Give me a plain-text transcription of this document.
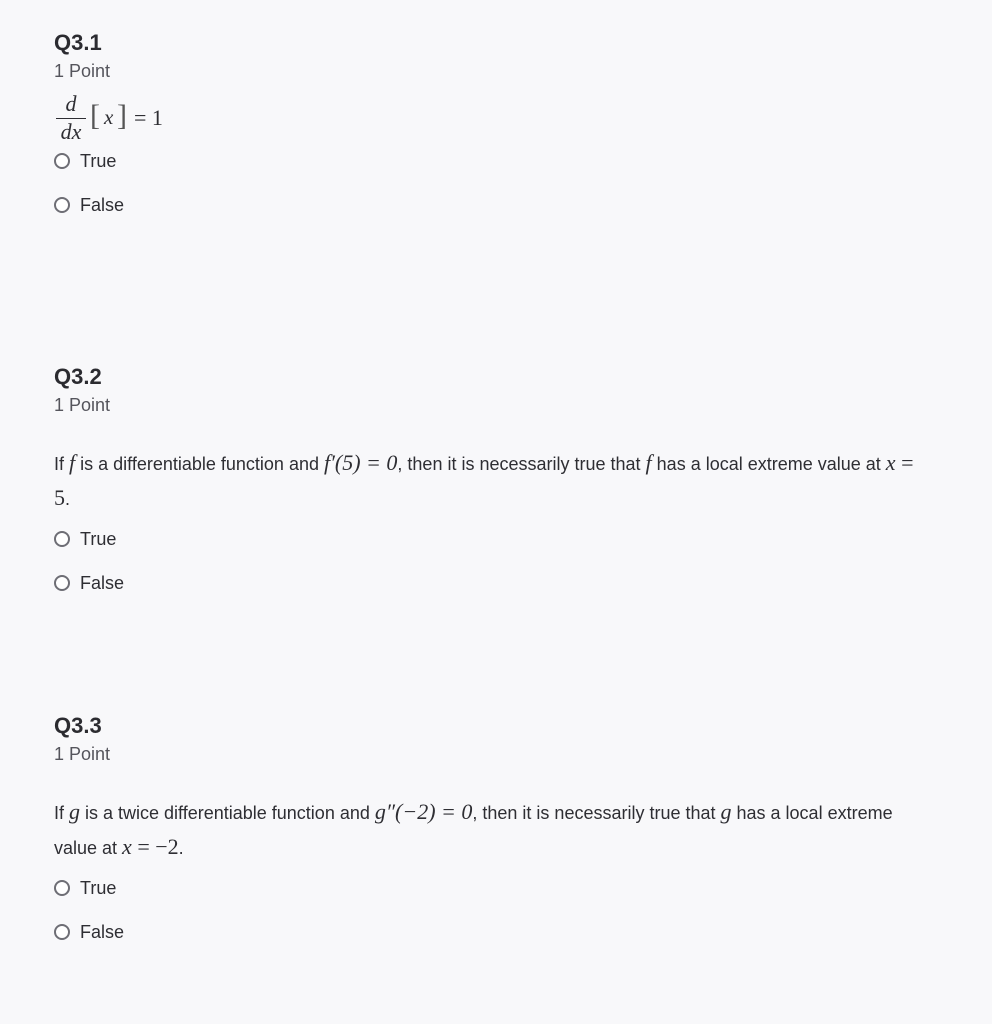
Q3.1
1 Point
d
dx [ x ] = 1
True
False
Q3.2
1 Point
If f is a differentiable function and f′(5) = 0, then it is necessarily true that f has a local extreme value at x = 5.
True
False
Q3.3
1 Point
If g is a twice differentiable function and g″(−2) = 0, then it is necessarily true that g has a local extreme value at x = −2.
True
False
